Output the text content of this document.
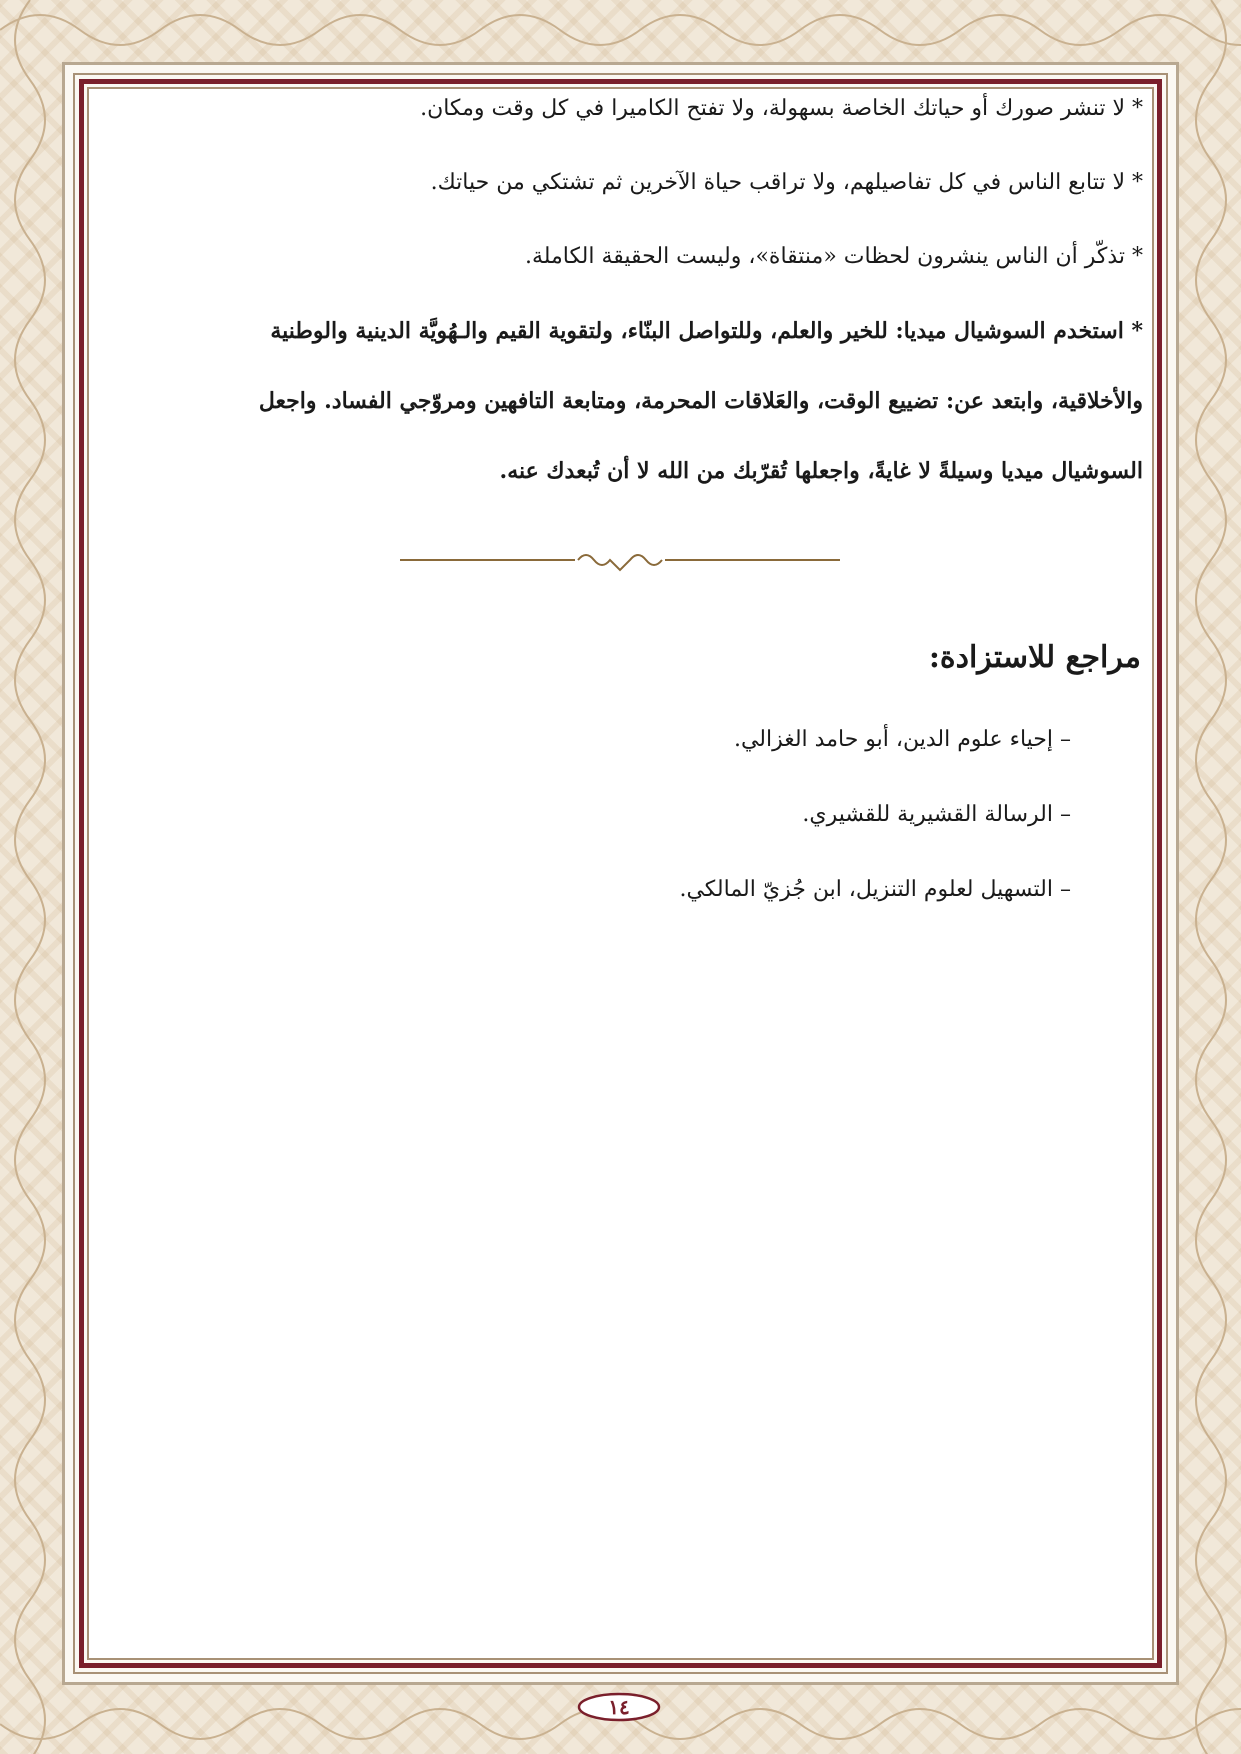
* لا تنشر صورك أو حياتك الخاصة بسهولة، ولا تفتح الكاميرا في كل وقت ومكان.

* لا تتابع الناس في كل تفاصيلهم، ولا تراقب حياة الآخرين ثم تشتكي من حياتك.

* تذكّر أن الناس ينشرون لحظات «منتقاة»، وليست الحقيقة الكاملة.

* استخدم السوشيال ميديا: للخير والعلم، وللتواصل البنّاء، ولتقوية القيم والـهُويَّة الدينية والوطنية
والأخلاقية، وابتعد عن: تضييع الوقت، والعَلاقات المحرمة، ومتابعة التافهين ومروّجي الفساد. واجعل
السوشيال ميديا وسيلةً لا غايةً، واجعلها تُقرّبك من الله لا أن تُبعدك عنه.
مراجع للاستزادة:
– إحياء علوم الدين، أبو حامد الغزالي.
– الرسالة القشيرية للقشيري.
– التسهيل لعلوم التنزيل، ابن جُزيّ المالكي.
١٤
